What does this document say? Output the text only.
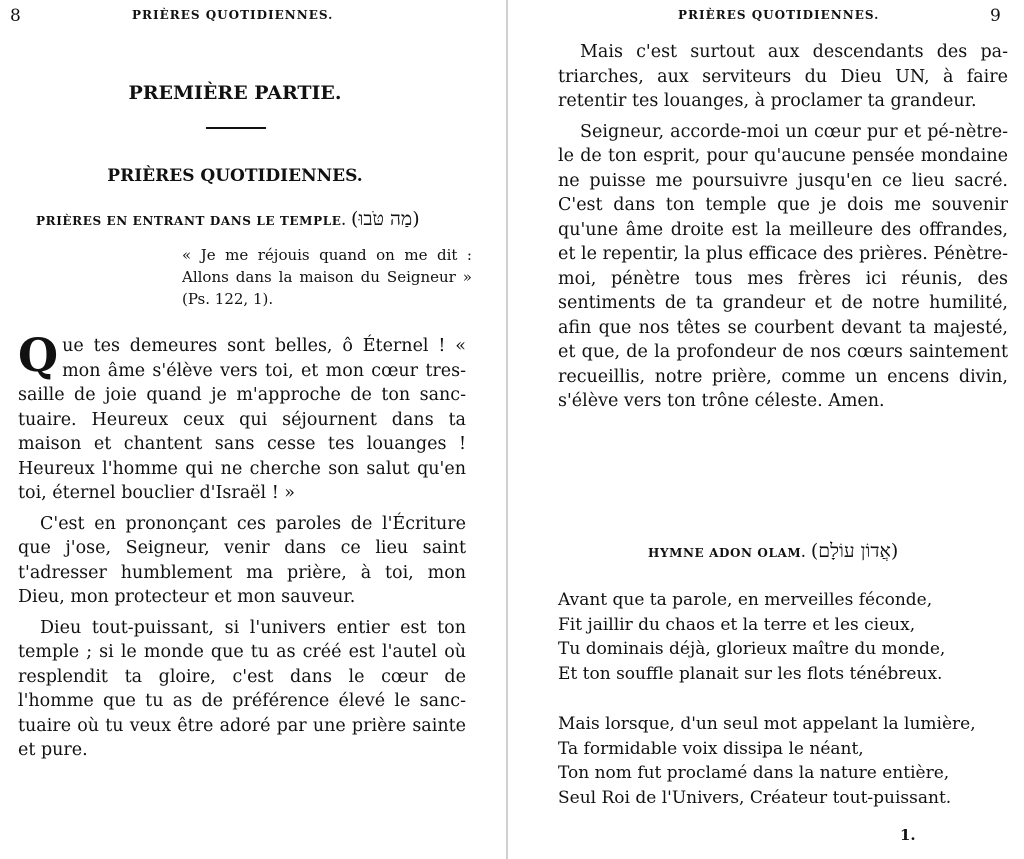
8	PRIÈRES QUOTIDIENNES.
PREMIÈRE PARTIE.
PRIÈRES QUOTIDIENNES.
PRIÈRES EN ENTRANT DANS LE TEMPLE. (מַה טֹּבוּ)
« Je me réjouis quand on me dit : Allons dans la maison du Seigneur » (Ps. 122, 1).

Que tes demeures sont belles, ô Éternel ! « mon âme s'élève vers toi, et mon cœur tres-saille de joie quand je m'approche de ton sanc-tuaire. Heureux ceux qui séjournent dans ta maison et chantent sans cesse tes louanges ! Heureux l'homme qui ne cherche son salut qu'en toi, éternel bouclier d'Israël ! »

C'est en prononçant ces paroles de l'Écriture que j'ose, Seigneur, venir dans ce lieu saint t'adresser humblement ma prière, à toi, mon Dieu, mon protecteur et mon sauveur.

Dieu tout-puissant, si l'univers entier est ton temple ; si le monde que tu as créé est l'autel où resplendit ta gloire, c'est dans le cœur de l'homme que tu as de préférence élevé le sanc-tuaire où tu veux être adoré par une prière sainte et pure.

PRIÈRES QUOTIDIENNES.	9

Mais c'est surtout aux descendants des pa-triarches, aux serviteurs du Dieu UN, à faire retentir tes louanges, à proclamer ta grandeur.

Seigneur, accorde-moi un cœur pur et pé-nètre-le de ton esprit, pour qu'aucune pensée mondaine ne puisse me poursuivre jusqu'en ce lieu sacré. C'est dans ton temple que je dois me souvenir qu'une âme droite est la meilleure des offrandes, et le repentir, la plus efficace des prières. Pénètre-moi, pénètre tous mes frères ici réunis, des sentiments de ta grandeur et de notre humilité, afin que nos têtes se courbent devant ta majesté, et que, de la profondeur de nos cœurs saintement recueillis, notre prière, comme un encens divin, s'élève vers ton trône céleste. Amen.

HYMNE ADON OLAM. (אֲדוֹן עוֹלָם)
Avant que ta parole, en merveilles féconde,
Fit jaillir du chaos et la terre et les cieux,
Tu dominais déjà, glorieux maître du monde,
Et ton souffle planait sur les flots ténébreux.
Mais lorsque, d'un seul mot appelant la lumière,
Ta formidable voix dissipa le néant,
Ton nom fut proclamé dans la nature entière,
Seul Roi de l'Univers, Créateur tout-puissant.
1.
